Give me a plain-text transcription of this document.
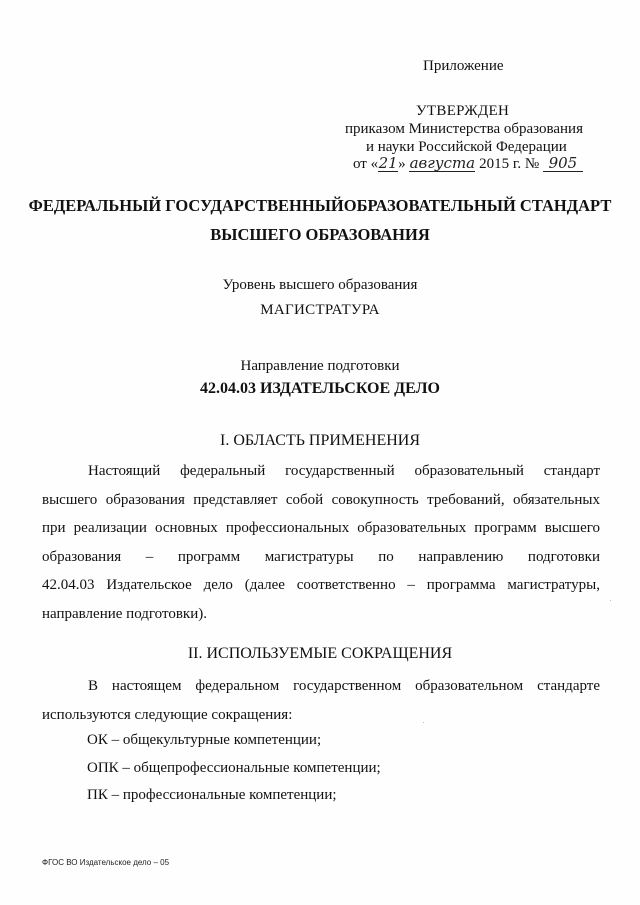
Приложение
УТВЕРЖДЕН
приказом Министерства образования
и науки Российской Федерации
от «21» августа 2015 г. № 905
ФЕДЕРАЛЬНЫЙ ГОСУДАРСТВЕННЫЙОБРАЗОВАТЕЛЬНЫЙ СТАНДАРТ
ВЫСШЕГО ОБРАЗОВАНИЯ
Уровень высшего образования
МАГИСТРАТУРА
Направление подготовки
42.04.03 ИЗДАТЕЛЬСКОЕ ДЕЛО
I. ОБЛАСТЬ ПРИМЕНЕНИЯ
Настоящий федеральный государственный образовательный стандарт
высшего образования представляет собой совокупность требований, обязательных
при реализации основных профессиональных образовательных программ высшего
образования – программ магистратуры по направлению подготовки
42.04.03 Издательское дело (далее соответственно – программа магистратуры,
направление подготовки).
II. ИСПОЛЬЗУЕМЫЕ СОКРАЩЕНИЯ
В настоящем федеральном государственном образовательном стандарте
используются следующие сокращения:
ОК – общекультурные компетенции;
ОПК – общепрофессиональные компетенции;
ПК – профессиональные компетенции;
ФГОС ВО Издательское дело – 05
